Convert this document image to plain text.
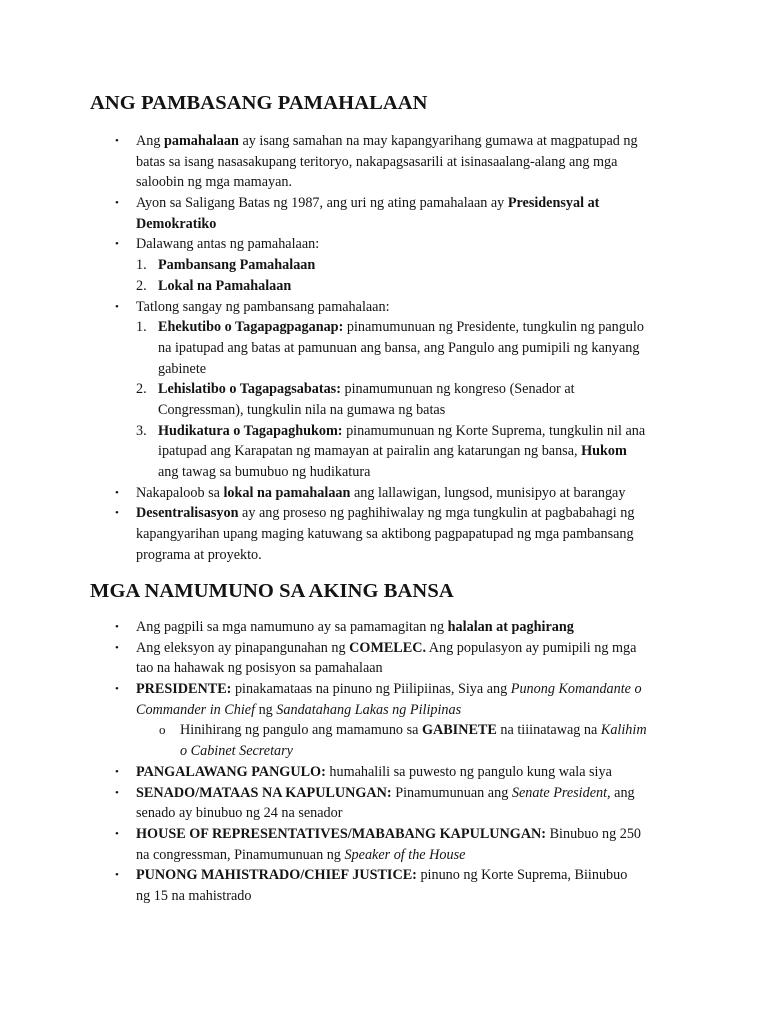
ANG PAMBASANG PAMAHALAAN
• Ang pamahalaan ay isang samahan na may kapangyarihang gumawa at magpatupad ng
batas sa isang nasasakupang teritoryo, nakapagsasarili at isinasaalang-alang ang mga
saloobin ng mga mamayan.
• Ayon sa Saligang Batas ng 1987, ang uri ng ating pamahalaan ay Presidensyal at
Demokratiko
• Dalawang antas ng pamahalaan:
1. Pambansang Pamahalaan
2. Lokal na Pamahalaan
• Tatlong sangay ng pambansang pamahalaan:
1. Ehekutibo o Tagapagpaganap: pinamumunuan ng Presidente, tungkulin ng pangulo
na ipatupad ang batas at pamunuan ang bansa, ang Pangulo ang pumipili ng kanyang
gabinete
2. Lehislatibo o Tagapagsabatas: pinamumunuan ng kongreso (Senador at
Congressman), tungkulin nila na gumawa ng batas
3. Hudikatura o Tagapaghukom: pinamumunuan ng Korte Suprema, tungkulin nil ana
ipatupad ang Karapatan ng mamayan at pairalin ang katarungan ng bansa, Hukom
ang tawag sa bumubuo ng hudikatura
• Nakapaloob sa lokal na pamahalaan ang lallawigan, lungsod, munisipyo at barangay
• Desentralisasyon ay ang proseso ng paghihiwalay ng mga tungkulin at pagbabahagi ng
kapangyarihan upang maging katuwang sa aktibong pagpapatupad ng mga pambansang
programa at proyekto.
MGA NAMUMUNO SA AKING BANSA
• Ang pagpili sa mga namumuno ay sa pamamagitan ng halalan at paghirang
• Ang eleksyon ay pinapangunahan ng COMELEC. Ang populasyon ay pumipili ng mga
tao na hahawak ng posisyon sa pamahalaan
• PRESIDENTE: pinakamataas na pinuno ng Piilipiinas, Siya ang Punong Komandante o
Commander in Chief ng Sandatahang Lakas ng Pilipinas
o Hinihirang ng pangulo ang mamamuno sa GABINETE na tiiinatawag na Kalihim
o Cabinet Secretary
• PANGALAWANG PANGULO: humahalili sa puwesto ng pangulo kung wala siya
• SENADO/MATAAS NA KAPULUNGAN: Pinamumunuan ang Senate President, ang
senado ay binubuo ng 24 na senador
• HOUSE OF REPRESENTATIVES/MABABANG KAPULUNGAN: Binubuo ng 250
na congressman, Pinamumunuan ng Speaker of the House
• PUNONG MAHISTRADO/CHIEF JUSTICE: pinuno ng Korte Suprema, Biinubuo
ng 15 na mahistrado
